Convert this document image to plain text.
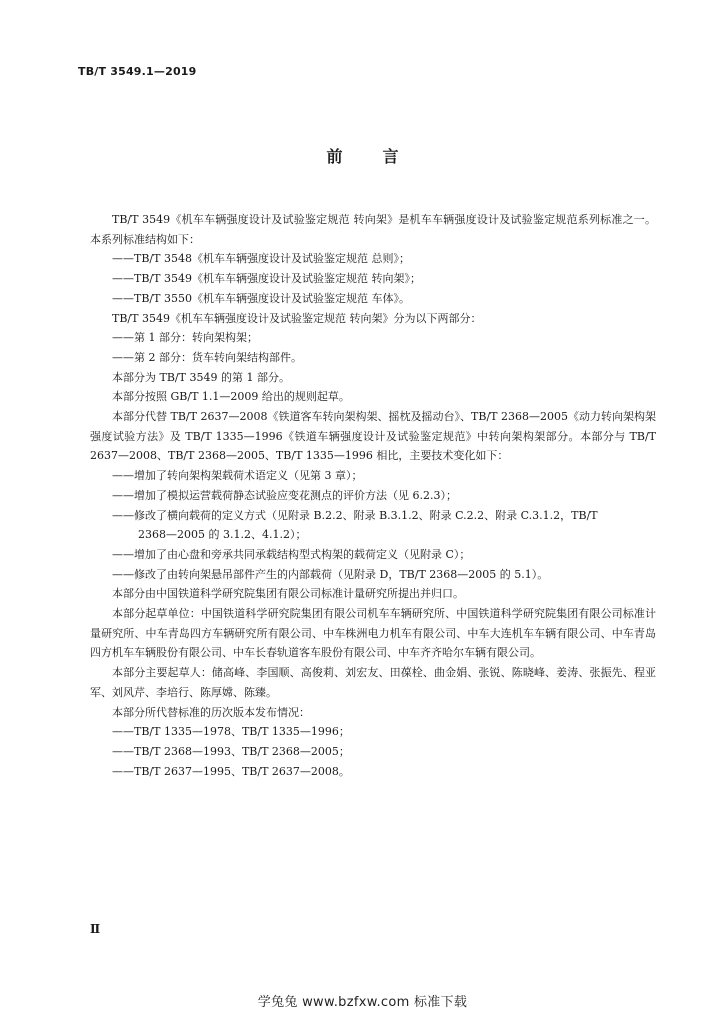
TB/T 3549.1—2019
前言

TB/T 3549《机车车辆强度设计及试验鉴定规范 转向架》是机车车辆强度设计及试验鉴定规范系列标准之一。本系列标准结构如下：

——TB/T 3548《机车车辆强度设计及试验鉴定规范 总则》；

——TB/T 3549《机车车辆强度设计及试验鉴定规范 转向架》；

——TB/T 3550《机车车辆强度设计及试验鉴定规范 车体》。

TB/T 3549《机车车辆强度设计及试验鉴定规范 转向架》分为以下两部分：

——第 1 部分：转向架构架；

——第 2 部分：货车转向架结构部件。

本部分为 TB/T 3549 的第 1 部分。

本部分按照 GB/T 1.1—2009 给出的规则起草。

本部分代替 TB/T 2637—2008《铁道客车转向架构架、摇枕及摇动台》、TB/T 2368—2005《动力转向架构架强度试验方法》及 TB/T 1335—1996《铁道车辆强度设计及试验鉴定规范》中转向架构架部分。本部分与 TB/T 2637—2008、TB/T 2368—2005、TB/T 1335—1996 相比，主要技术变化如下：

——增加了转向架构架载荷术语定义（见第 3 章）；

——增加了模拟运营载荷静态试验应变花测点的评价方法（见 6.2.3）；

——修改了横向载荷的定义方式（见附录 B.2.2、附录 B.3.1.2、附录 C.2.2、附录 C.3.1.2，TB/T

2368—2005 的 3.1.2、4.1.2）；

——增加了由心盘和旁承共同承载结构型式构架的载荷定义（见附录 C）；

——修改了由转向架悬吊部件产生的内部载荷（见附录 D，TB/T 2368—2005 的 5.1）。

本部分由中国铁道科学研究院集团有限公司标准计量研究所提出并归口。

本部分起草单位：中国铁道科学研究院集团有限公司机车车辆研究所、中国铁道科学研究院集团有限公司标准计量研究所、中车青岛四方车辆研究所有限公司、中车株洲电力机车有限公司、中车大连机车车辆有限公司、中车青岛四方机车车辆股份有限公司、中车长春轨道客车股份有限公司、中车齐齐哈尔车辆有限公司。

本部分主要起草人：储高峰、李国顺、高俊莉、刘宏友、田葆栓、曲金娟、张锐、陈晓峰、姜涛、张振先、程亚军、刘风芹、李培行、陈厚嫦、陈臻。

本部分所代替标准的历次版本发布情况：

——TB/T 1335—1978、TB/T 1335—1996；

——TB/T 2368—1993、TB/T 2368—2005；

——TB/T 2637—1995、TB/T 2637—2008。

Ⅱ
学兔兔 www.bzfxw.com 标准下载
